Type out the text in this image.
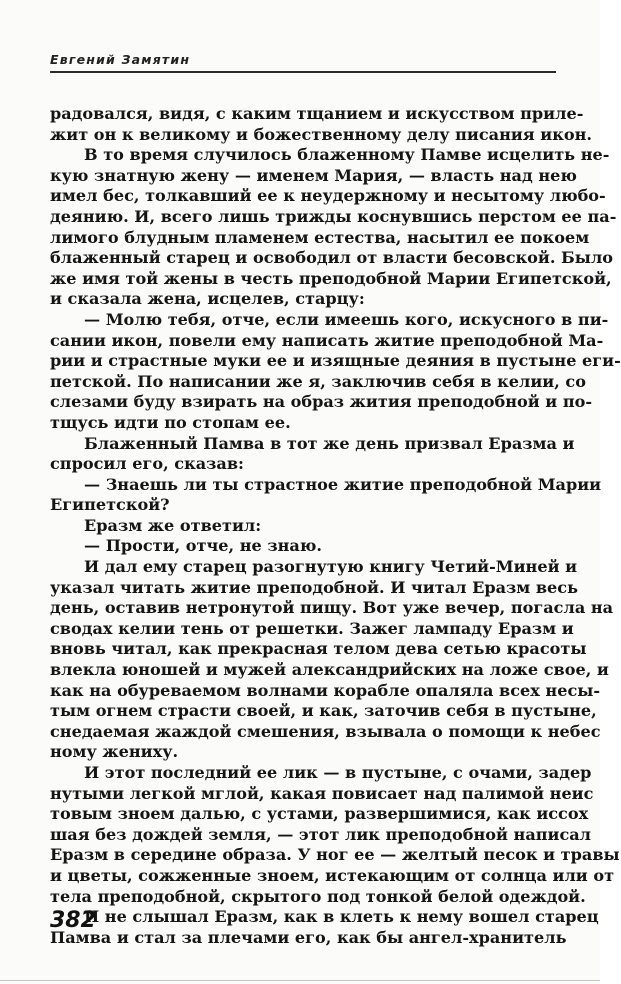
Евгений Замятин
радовался, видя, с каким тщанием и искусством приле-
жит он к великому и божественному делу писания икон.
В то время случилось блаженному Памве исцелить не-
кую знатную жену — именем Мария, — власть над нею
имел бес, толкавший ее к неудержному и несытому любо-
деянию. И, всего лишь трижды коснувшись перстом ее па-
лимого блудным пламенем естества, насытил ее покоем
блаженный старец и освободил от власти бесовской. Было
же имя той жены в честь преподобной Марии Египетской,
и сказала жена, исцелев, старцу:
— Молю тебя, отче, если имеешь кого, искусного в пи-
сании икон, повели ему написать житие преподобной Ма-
рии и страстные муки ее и изящные деяния в пустыне еги-
петской. По написании же я, заключив себя в келии, со
слезами буду взирать на образ жития преподобной и по-
тщусь идти по стопам ее.
Блаженный Памва в тот же день призвал Еразма и
спросил его, сказав:
— Знаешь ли ты страстное житие преподобной Марии
Египетской?
Еразм же ответил:
— Прости, отче, не знаю.
И дал ему старец разогнутую книгу Четий-Миней и
указал читать житие преподобной. И читал Еразм весь
день, оставив нетронутой пищу. Вот уже вечер, погасла на
сводах келии тень от решетки. Зажег лампаду Еразм и
вновь читал, как прекрасная телом дева сетью красоты
влекла юношей и мужей александрийских на ложе свое, и
как на обуреваемом волнами корабле опаляла всех несы-
тым огнем страсти своей, и как, заточив себя в пустыне,
снедаемая жаждой смешения, взывала о помощи к небес
ному жениху.
И этот последний ее лик — в пустыне, с очами, задер
нутыми легкой мглой, какая повисает над палимой неис
товым зноем далью, с устами, развершимися, как иссох
шая без дождей земля, — этот лик преподобной написал
Еразм в середине образа. У ног ее — желтый песок и травы
и цветы, сожженные зноем, истекающим от солнца или от
тела преподобной, скрытого под тонкой белой одеждой.
И не слышал Еразм, как в клеть к нему вошел старец
Памва и стал за плечами его, как бы ангел-хранитель
382
